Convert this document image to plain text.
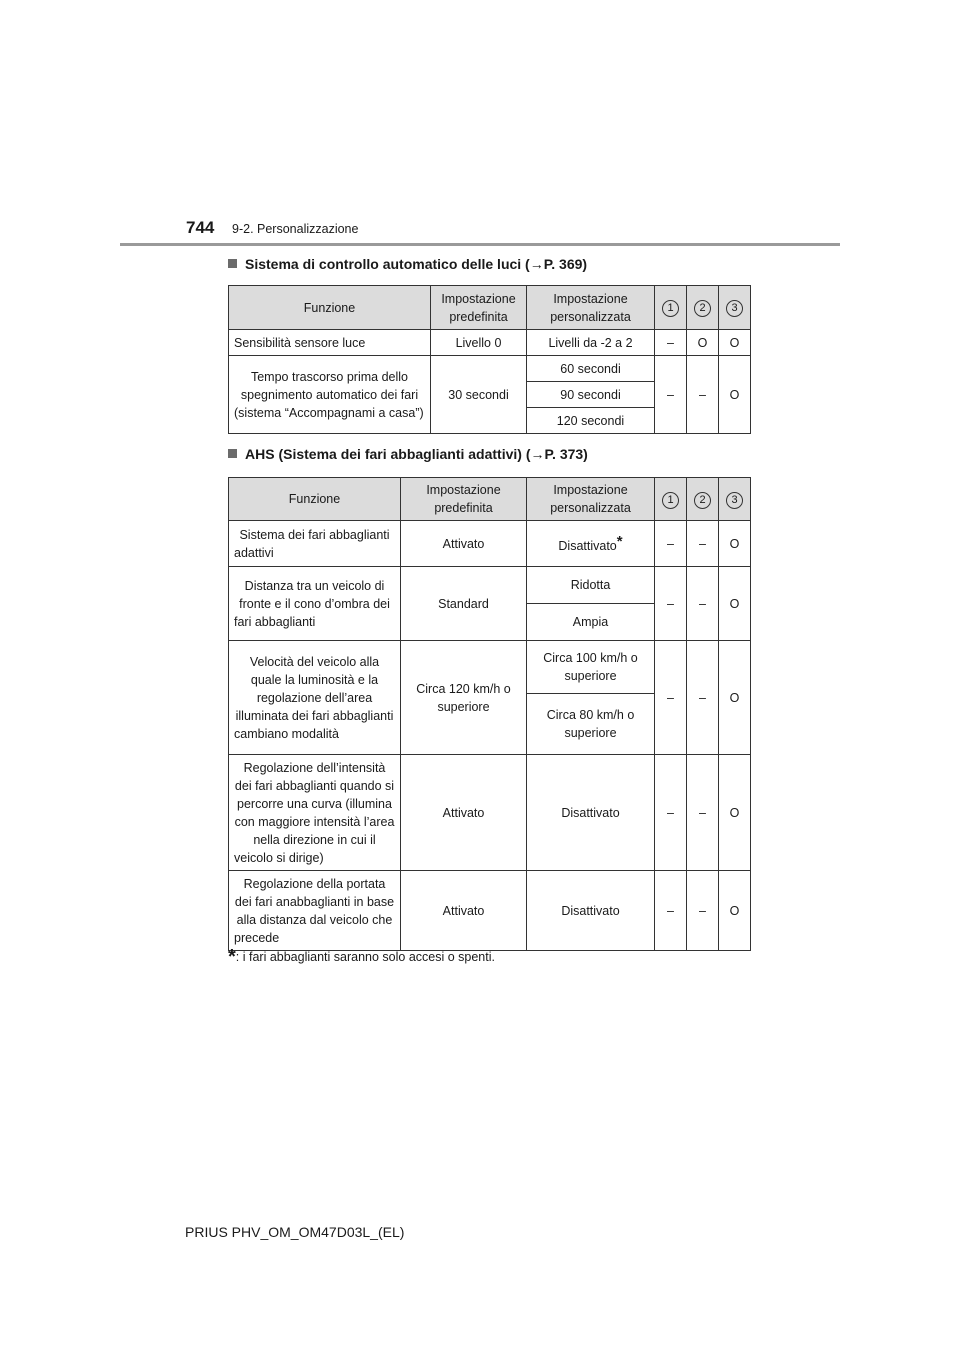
744 9-2. Personalizzazione
Sistema di controllo automatico delle luci (→P. 369)
Funzione	Impostazione predefinita	Impostazione personalizzata	1	2	3
Sensibilità sensore luce	Livello 0	Livelli da -2 a 2	–	O	O
Tempo trascorso prima dello spegnimento automatico dei fari (sistema “Accompagnami a casa”)	30 secondi	60 secondi	–	–	O
		90 secondi			
		120 secondi			
AHS (Sistema dei fari abbaglianti adattivi) (→P. 373)
Funzione	Impostazione predefinita	Impostazione personalizzata	1	2	3
Sistema dei fari abbaglianti adattivi	Attivato	Disattivato*	–	–	O
Distanza tra un veicolo di fronte e il cono d’ombra dei fari abbaglianti	Standard	Ridotta	–	–	O
		Ampia			
Velocità del veicolo alla quale la luminosità e la regolazione dell’area illuminata dei fari abbaglianti cambiano modalità	Circa 120 km/h o superiore	Circa 100 km/h o superiore	–	–	O
		Circa 80 km/h o superiore			
Regolazione dell’intensità dei fari abbaglianti quando si percorre una curva (illumina con maggiore intensità l’area nella direzione in cui il veicolo si dirige)	Attivato	Disattivato	–	–	O
Regolazione della portata dei fari anabbaglianti in base alla distanza dal veicolo che precede	Attivato	Disattivato	–	–	O
*: i fari abbaglianti saranno solo accesi o spenti.
PRIUS PHV_OM_OM47D03L_(EL)
